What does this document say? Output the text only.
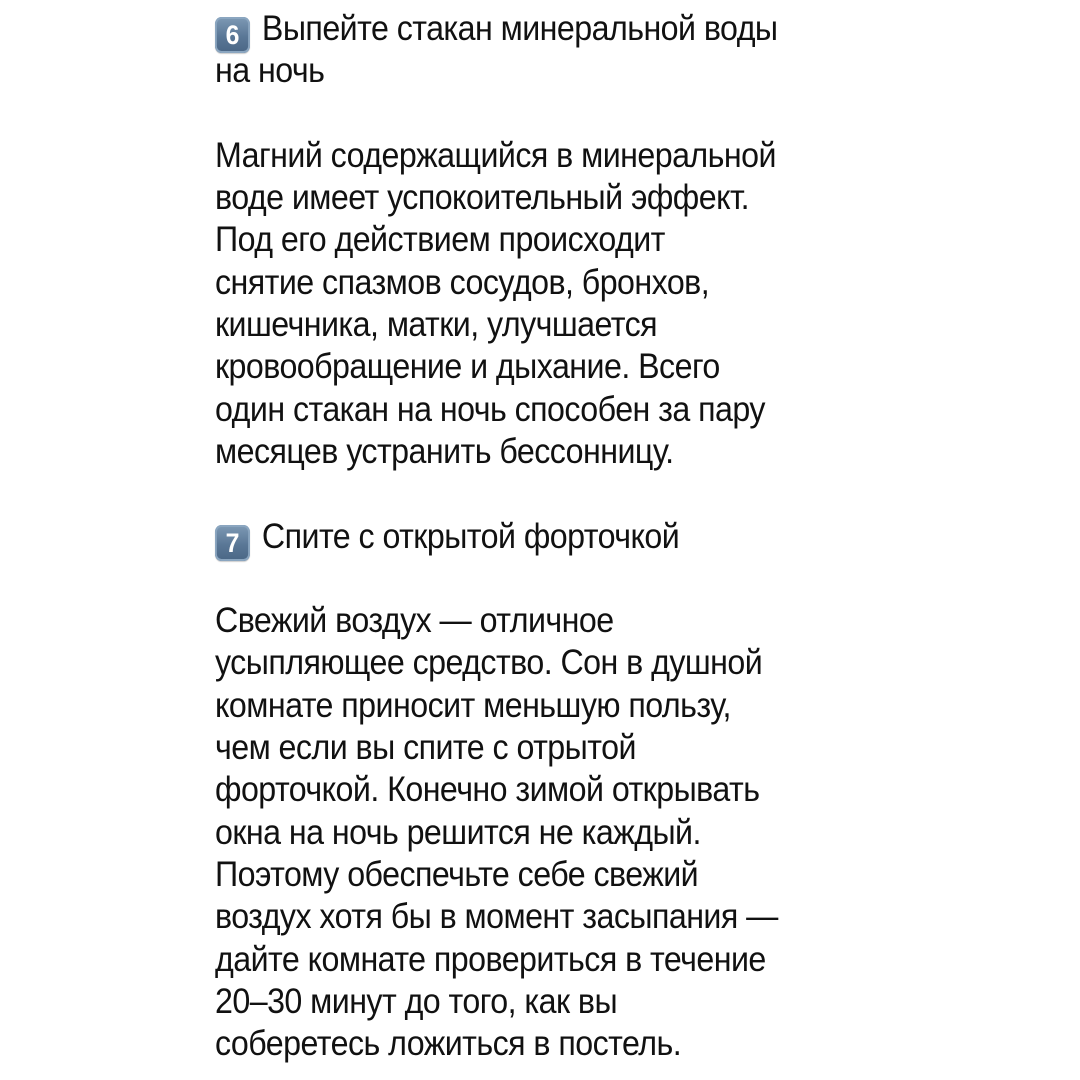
6 Выпейте стакан минеральной воды
на ночь
Магний содержащийся в минеральной
воде имеет успокоительный эффект.
Под его действием происходит
снятие спазмов сосудов, бронхов,
кишечника, матки, улучшается
кровообращение и дыхание. Всего
один стакан на ночь способен за пару
месяцев устранить бессонницу.
7 Спите с открытой форточкой
Свежий воздух — отличное
усыпляющее средство. Сон в душной
комнате приносит меньшую пользу,
чем если вы спите с отрытой
форточкой. Конечно зимой открывать
окна на ночь решится не каждый.
Поэтому обеспечьте себе свежий
воздух хотя бы в момент засыпания —
дайте комнате провериться в течение
20–30 минут до того, как вы
соберетесь ложиться в постель.
